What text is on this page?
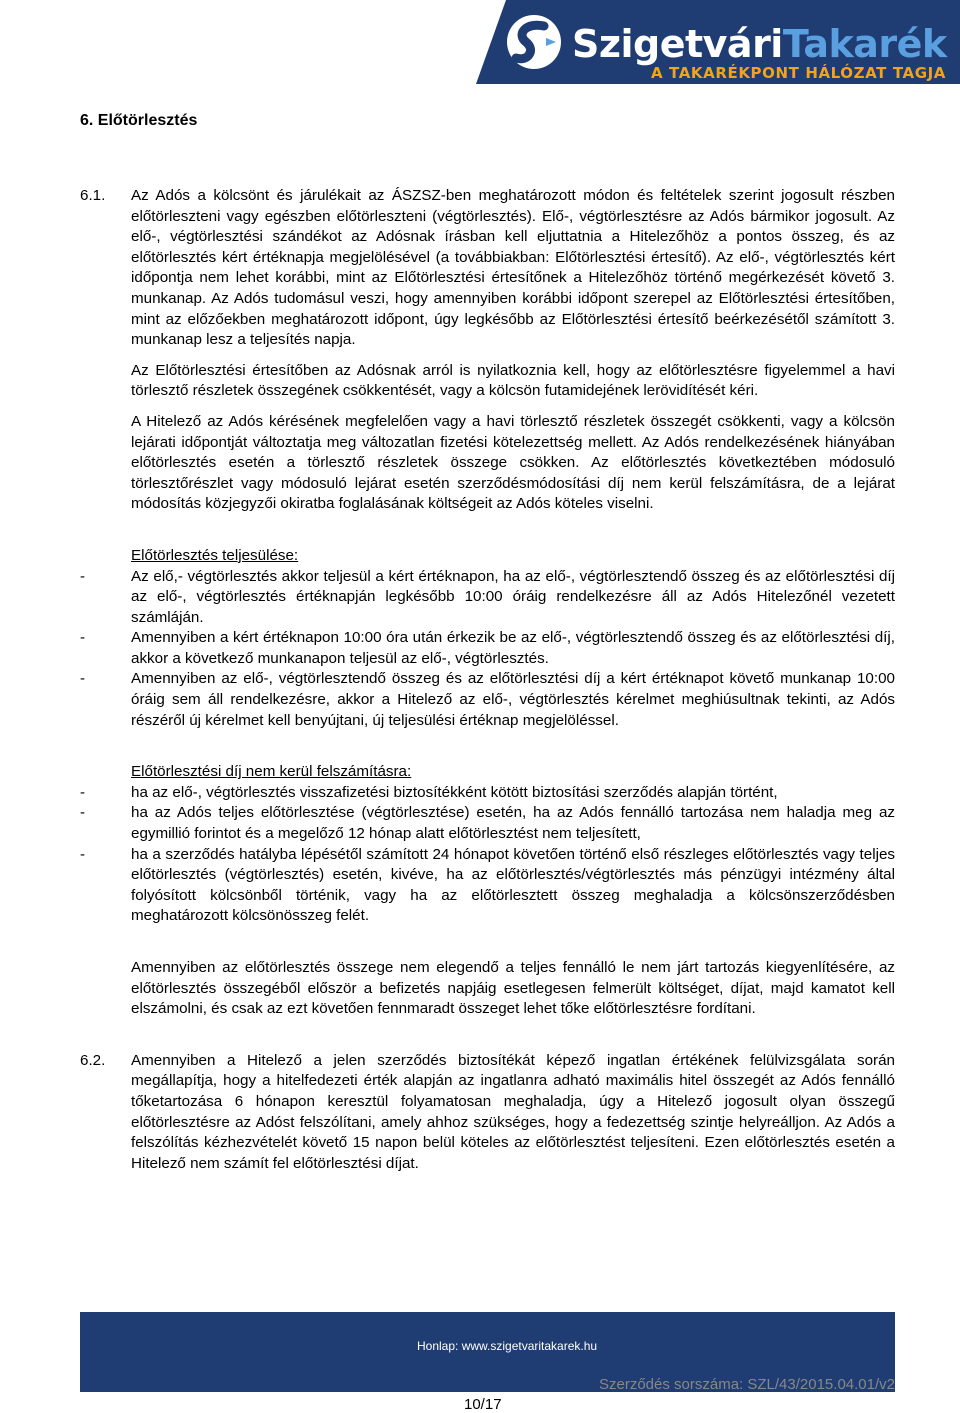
SzigetváriTakarék
A TAKARÉKPONT HÁLÓZAT TAGJA
6. Előtörlesztés
6.1.	Az Adós a kölcsönt és járulékait az ÁSZSZ-ben meghatározott módon és feltételek szerint jogosult részben előtörleszteni vagy egészben előtörleszteni (végtörlesztés). Elő-, végtörlesztésre az Adós bármikor jogosult. Az elő-, végtörlesztési szándékot az Adósnak írásban kell eljuttatnia a Hitelezőhöz a pontos összeg, és az előtörlesztés kért értéknapja megjelölésével (a továbbiakban: Előtörlesztési értesítő). Az elő-, végtörlesztés kért időpontja nem lehet korábbi, mint az Előtörlesztési értesítőnek a Hitelezőhöz történő megérkezését követő 3. munkanap. Az Adós tudomásul veszi, hogy amennyiben korábbi időpont szerepel az Előtörlesztési értesítőben, mint az előzőekben meghatározott időpont, úgy legkésőbb az Előtörlesztési értesítő beérkezésétől számított 3. munkanap lesz a teljesítés napja.
Az Előtörlesztési értesítőben az Adósnak arról is nyilatkoznia kell, hogy az előtörlesztésre figyelemmel a havi törlesztő részletek összegének csökkentését, vagy a kölcsön futamidejének lerövidítését kéri.
A Hitelező az Adós kérésének megfelelően vagy a havi törlesztő részletek összegét csökkenti, vagy a kölcsön lejárati időpontját változtatja meg változatlan fizetési kötelezettség mellett. Az Adós rendelkezésének hiányában előtörlesztés esetén a törlesztő részletek összege csökken. Az előtörlesztés következtében módosuló törlesztőrészlet vagy módosuló lejárat esetén szerződésmódosítási díj nem kerül felszámításra, de a lejárat módosítás közjegyzői okiratba foglalásának költségeit az Adós köteles viselni.
Előtörlesztés teljesülése:
-	Az elő,- végtörlesztés akkor teljesül a kért értéknapon, ha az elő-, végtörlesztendő összeg és az előtörlesztési díj az elő-, végtörlesztés értéknapján legkésőbb 10:00 óráig rendelkezésre áll az Adós Hitelezőnél vezetett számláján.
-	Amennyiben a kért értéknapon 10:00 óra után érkezik be az elő-, végtörlesztendő összeg és az előtörlesztési díj, akkor a következő munkanapon teljesül az elő-, végtörlesztés.
-	Amennyiben az elő-, végtörlesztendő összeg és az előtörlesztési díj a kért értéknapot követő munkanap 10:00 óráig sem áll rendelkezésre, akkor a Hitelező az elő-, végtörlesztés kérelmet meghiúsultnak tekinti, az Adós részéről új kérelmet kell benyújtani, új teljesülési értéknap megjelöléssel.
Előtörlesztési díj nem kerül felszámításra:
-	ha az elő-, végtörlesztés visszafizetési biztosítékként kötött biztosítási szerződés alapján történt,
-	ha az Adós teljes előtörlesztése (végtörlesztése) esetén, ha az Adós fennálló tartozása nem haladja meg az egymillió forintot és a megelőző 12 hónap alatt előtörlesztést nem teljesített,
-	ha a szerződés hatályba lépésétől számított 24 hónapot követően történő első részleges előtörlesztés vagy teljes előtörlesztés (végtörlesztés) esetén, kivéve, ha az előtörlesztés/végtörlesztés más pénzügyi intézmény által folyósított kölcsönből történik, vagy ha az előtörlesztett összeg meghaladja a kölcsönszerződésben meghatározott kölcsönösszeg felét.
Amennyiben az előtörlesztés összege nem elegendő a teljes fennálló le nem járt tartozás kiegyenlítésére, az előtörlesztés összegéből először a befizetés napjáig esetlegesen felmerült költséget, díjat, majd kamatot kell elszámolni, és csak az ezt követően fennmaradt összeget lehet tőke előtörlesztésre fordítani.
6.2.	Amennyiben a Hitelező a jelen szerződés biztosítékát képező ingatlan értékének felülvizsgálata során megállapítja, hogy a hitelfedezeti érték alapján az ingatlanra adható maximális hitel összegét az Adós fennálló tőketartozása 6 hónapon keresztül folyamatosan meghaladja, úgy a Hitelező jogosult olyan összegű előtörlesztésre az Adóst felszólítani, amely ahhoz szükséges, hogy a fedezettség szintje helyreálljon. Az Adós a felszólítás kézhezvételét követő 15 napon belül köteles az előtörlesztést teljesíteni. Ezen előtörlesztés esetén a Hitelező nem számít fel előtörlesztési díjat.
Honlap: www.szigetvaritakarek.hu
Szerződés sorszáma: SZL/43/2015.04.01/v2
10/17
